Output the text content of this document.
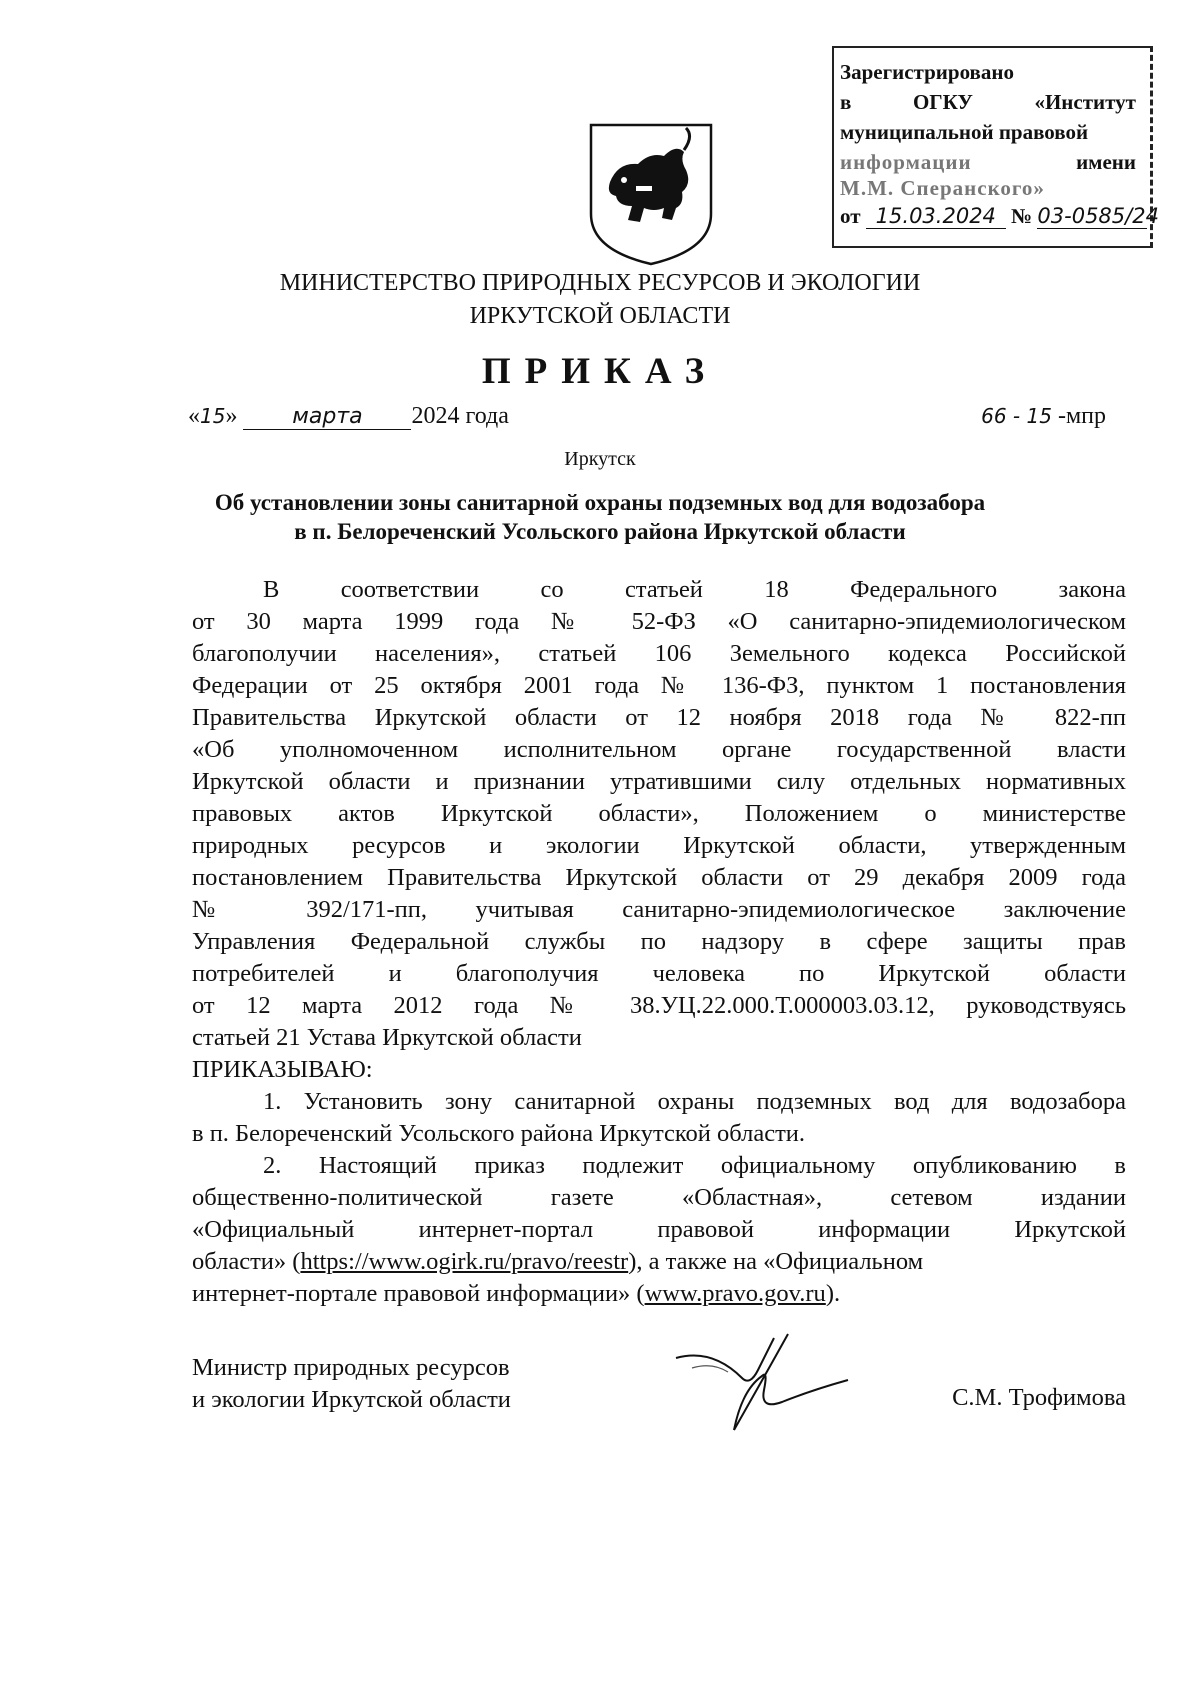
Зарегистрировано
в	ОГКУ	«Институт
муниципальной правовой
информации	имени
М.М. Сперанского»
от 15.03.2024 № 03-0585/24
МИНИСТЕРСТВО ПРИРОДНЫХ РЕСУРСОВ И ЭКОЛОГИИ
ИРКУТСКОЙ ОБЛАСТИ
ПРИКАЗ
«15» марта 2024 года	66 - 15 -мпр
Иркутск
Об установлении зоны санитарной охраны подземных вод для водозабора
в п. Белореченский Усольского района Иркутской области
В	соответствии	со	статьей	18	Федерального	закона
от 30 марта 1999 года № 52-ФЗ «О санитарно-эпидемиологическом
благополучии населения», статьей 106 Земельного кодекса Российской
Федерации от 25 октября 2001 года № 136-ФЗ, пунктом 1 постановления
Правительства Иркутской области от 12 ноября 2018 года № 822-пп
«Об уполномоченном исполнительном органе государственной власти
Иркутской области и признании утратившими силу отдельных нормативных
правовых актов Иркутской области», Положением о министерстве
природных ресурсов и экологии Иркутской области, утвержденным
постановлением Правительства Иркутской области от 29 декабря 2009 года
№ 392/171-пп, учитывая санитарно-эпидемиологическое заключение
Управления Федеральной службы по надзору в сфере защиты прав
потребителей и благополучия человека по Иркутской области
от 12 марта 2012 года № 38.УЦ.22.000.Т.000003.03.12, руководствуясь
статьей 21 Устава Иркутской области
ПРИКАЗЫВАЮ:
1. Установить зону санитарной охраны подземных вод для водозабора
в п. Белореченский Усольского района Иркутской области.
2. Настоящий приказ подлежит официальному опубликованию в
общественно-политической	газете	«Областная»,	сетевом	издании
«Официальный	интернет-портал	правовой	информации	Иркутской
области» (https://www.ogirk.ru/pravo/reestr), а также на «Официальном
интернет-портале правовой информации» (www.pravo.gov.ru).
Министр природных ресурсов
и экологии Иркутской области	С.М. Трофимова
